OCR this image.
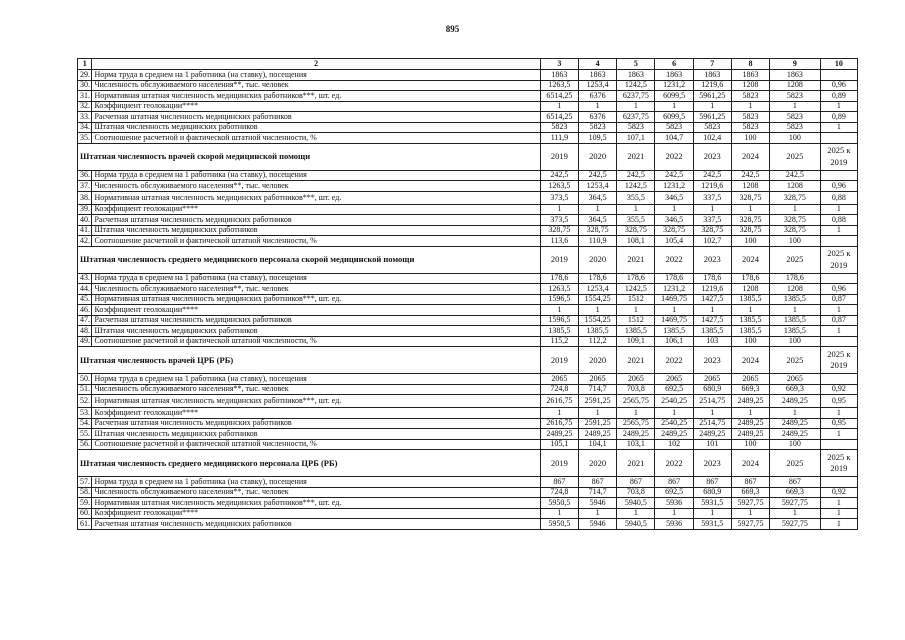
895
1	2	3	4	5	6	7	8	9	10
29.	Норма труда в среднем на 1 работника (на ставку), посещения	1863	1863	1863	1863	1863	1863	1863	
30.	Численность обслуживаемого населения**, тыс. человек	1263,5	1253,4	1242,5	1231,2	1219,6	1208	1208	0,96
31.	Нормативная штатная численность медицинских работников***, шт. ед.	6514,25	6376	6237,75	6099,5	5961,25	5823	5823	0,89
32.	Коэффициент геолокации****	1	1	1	1	1	1	1	1
33.	Расчетная штатная численность медицинских работников	6514,25	6376	6237,75	6099,5	5961,25	5823	5823	0,89
34.	Штатная численность медицинских работников	5823	5823	5823	5823	5823	5823	5823	1
35.	Соотношение расчетной и фактической штатной численности, %	111,9	109,5	107,1	104,7	102,4	100	100	
Штатная численность врачей скорой медицинской помощи		2019	2020	2021	2022	2023	2024	2025	2025 к
2019

36.	Норма труда в среднем на 1 работника (на ставку), посещения	242,5	242,5	242,5	242,5	242,5	242,5	242,5	
37.	Численность обслуживаемого населения**, тыс. человек	1263,5	1253,4	1242,5	1231,2	1219,6	1208	1208	0,96
38.	Нормативная штатная численность медицинских работников***, шт. ед.	373,5	364,5	355,5	346,5	337,5	328,75	328,75	0,88
39.	Коэффициент геолокации****	1	1	1	1	1	1	1	1
40.	Расчетная штатная численность медицинских работников	373,5	364,5	355,5	346,5	337,5	328,75	328,75	0,88
41.	Штатная численность медицинских работников	328,75	328,75	328,75	328,75	328,75	328,75	328,75	1
42.	Соотношение расчетной и фактической штатной численности, %	113,6	110,9	108,1	105,4	102,7	100	100	
Штатная численность среднего медицинского персонала скорой медицинской помощи		2019	2020	2021	2022	2023	2024	2025	2025 к
2019

43.	Норма труда в среднем на 1 работника (на ставку), посещения	178,6	178,6	178,6	178,6	178,6	178,6	178,6	
44.	Численность обслуживаемого населения**, тыс. человек	1263,5	1253,4	1242,5	1231,2	1219,6	1208	1208	0,96
45.	Нормативная штатная численность медицинских работников***, шт. ед.	1596,5	1554,25	1512	1469,75	1427,5	1385,5	1385,5	0,87
46.	Коэффициент геолокации****	1	1	1	1	1	1	1	1
47.	Расчетная штатная численность медицинских работников	1596,5	1554,25	1512	1469,75	1427,5	1385,5	1385,5	0,87
48.	Штатная численность медицинских работников	1385,5	1385,5	1385,5	1385,5	1385,5	1385,5	1385,5	1
49.	Соотношение расчетной и фактической штатной численности, %	115,2	112,2	109,1	106,1	103	100	100	
Штатная численность врачей ЦРБ (РБ)		2019	2020	2021	2022	2023	2024	2025	2025 к
2019

50.	Норма труда в среднем на 1 работника (на ставку), посещения	2065	2065	2065	2065	2065	2065	2065	
51.	Численность обслуживаемого населения**, тыс. человек	724,8	714,7	703,8	692,5	680,9	669,3	669,3	0,92
52.	Нормативная штатная численность медицинских работников***, шт. ед.	2616,75	2591,25	2565,75	2540,25	2514,75	2489,25	2489,25	0,95
53.	Коэффициент геолокации****	1	1	1	1	1	1	1	1
54.	Расчетная штатная численность медицинских работников	2616,75	2591,25	2565,75	2540,25	2514,75	2489,25	2489,25	0,95
55.	Штатная численность медицинских работников	2489,25	2489,25	2489,25	2489,25	2489,25	2489,25	2489,25	1
56.	Соотношение расчетной и фактической штатной численности, %	105,1	104,1	103,1	102	101	100	100	
Штатная численность среднего медицинского персонала ЦРБ (РБ)		2019	2020	2021	2022	2023	2024	2025	2025 к
2019

57.	Норма труда в среднем на 1 работника (на ставку), посещения	867	867	867	867	867	867	867	
58.	Численность обслуживаемого населения**, тыс. человек	724,8	714,7	703,8	692,5	680,9	669,3	669,3	0,92
59.	Нормативная штатная численность медицинских работников***, шт. ед.	5950,5	5946	5940,5	5936	5931,5	5927,75	5927,75	1
60.	Коэффициент геолокации****	1	1	1	1	1	1	1	1
61.	Расчетная штатная численность медицинских работников	5950,5	5946	5940,5	5936	5931,5	5927,75	5927,75	1
